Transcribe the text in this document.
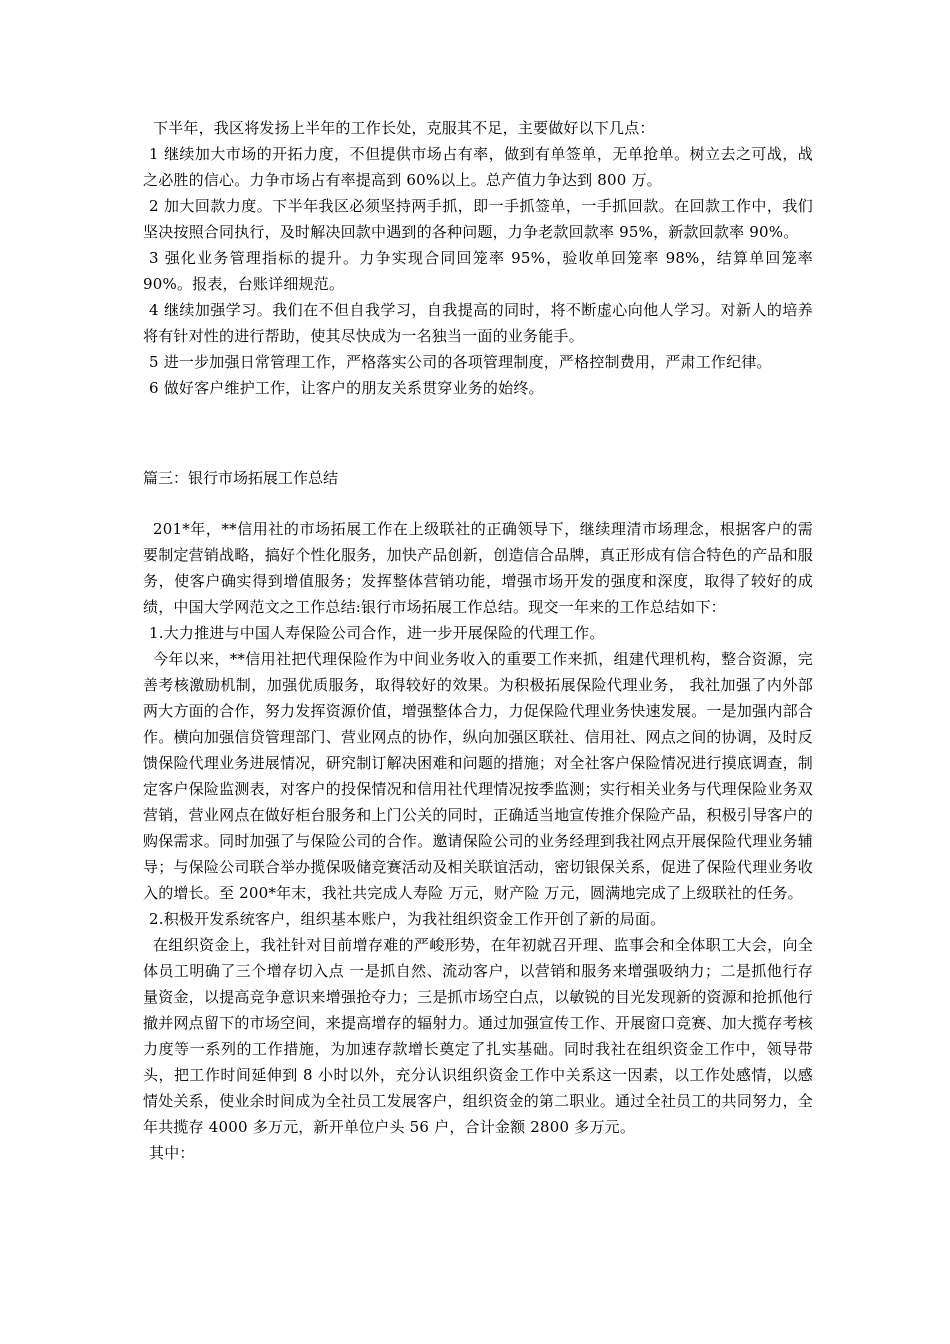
下半年，我区将发扬上半年的工作长处，克服其不足，主要做好以下几点：

1 继续加大市场的开拓力度，不但提供市场占有率，做到有单签单，无单抢单。树立去之可战，战之必胜的信心。力争市场占有率提高到 60%以上。总产值力争达到 800 万。

2 加大回款力度。下半年我区必须坚持两手抓，即一手抓签单，一手抓回款。在回款工作中，我们坚决按照合同执行，及时解决回款中遇到的各种问题，力争老款回款率 95%，新款回款率 90%。

3 强化业务管理指标的提升。力争实现合同回笼率 95%，验收单回笼率 98%，结算单回笼率 90%。报表，台账详细规范。

4 继续加强学习。我们在不但自我学习，自我提高的同时，将不断虚心向他人学习。对新人的培养将有针对性的进行帮助，使其尽快成为一名独当一面的业务能手。

5 进一步加强日常管理工作，严格落实公司的各项管理制度，严格控制费用，严肃工作纪律。

6 做好客户维护工作，让客户的朋友关系贯穿业务的始终。

篇三：银行市场拓展工作总结

201*年，**信用社的市场拓展工作在上级联社的正确领导下，继续理清市场理念，根据客户的需要制定营销战略，搞好个性化服务，加快产品创新，创造信合品牌，真正形成有信合特色的产品和服务，使客户确实得到增值服务；发挥整体营销功能，增强市场开发的强度和深度，取得了较好的成绩，中国大学网范文之工作总结:银行市场拓展工作总结。现交一年来的工作总结如下：

1.大力推进与中国人寿保险公司合作，进一步开展保险的代理工作。

今年以来，**信用社把代理保险作为中间业务收入的重要工作来抓，组建代理机构，整合资源，完善考核激励机制，加强优质服务，取得较好的效果。为积极拓展保险代理业务， 我社加强了内外部两大方面的合作，努力发挥资源价值，增强整体合力，力促保险代理业务快速发展。一是加强内部合作。横向加强信贷管理部门、营业网点的协作，纵向加强区联社、信用社、网点之间的协调，及时反馈保险代理业务进展情况，研究制订解决困难和问题的措施；对全社客户保险情况进行摸底调查，制定客户保险监测表，对客户的投保情况和信用社代理情况按季监测；实行相关业务与代理保险业务双营销，营业网点在做好柜台服务和上门公关的同时，正确适当地宣传推介保险产品，积极引导客户的购保需求。同时加强了与保险公司的合作。邀请保险公司的业务经理到我社网点开展保险代理业务辅导；与保险公司联合举办揽保吸储竞赛活动及相关联谊活动，密切银保关系，促进了保险代理业务收入的增长。至 200*年末，我社共完成人寿险 万元，财产险 万元，圆满地完成了上级联社的任务。

2.积极开发系统客户，组织基本账户，为我社组织资金工作开创了新的局面。

在组织资金上，我社针对目前增存难的严峻形势，在年初就召开理、监事会和全体职工大会，向全体员工明确了三个增存切入点 一是抓自然、流动客户，以营销和服务来增强吸纳力；二是抓他行存量资金，以提高竞争意识来增强抢夺力；三是抓市场空白点，以敏锐的目光发现新的资源和抢抓他行撤并网点留下的市场空间，来提高增存的辐射力。通过加强宣传工作、开展窗口竞赛、加大揽存考核力度等一系列的工作措施，为加速存款增长奠定了扎实基础。同时我社在组织资金工作中，领导带头，把工作时间延伸到 8 小时以外，充分认识组织资金工作中关系这一因素，以工作处感情，以感情处关系，使业余时间成为全社员工发展客户，组织资金的第二职业。通过全社员工的共同努力，全年共揽存 4000 多万元，新开单位户头 56 户，合计金额 2800 多万元。

其中：
